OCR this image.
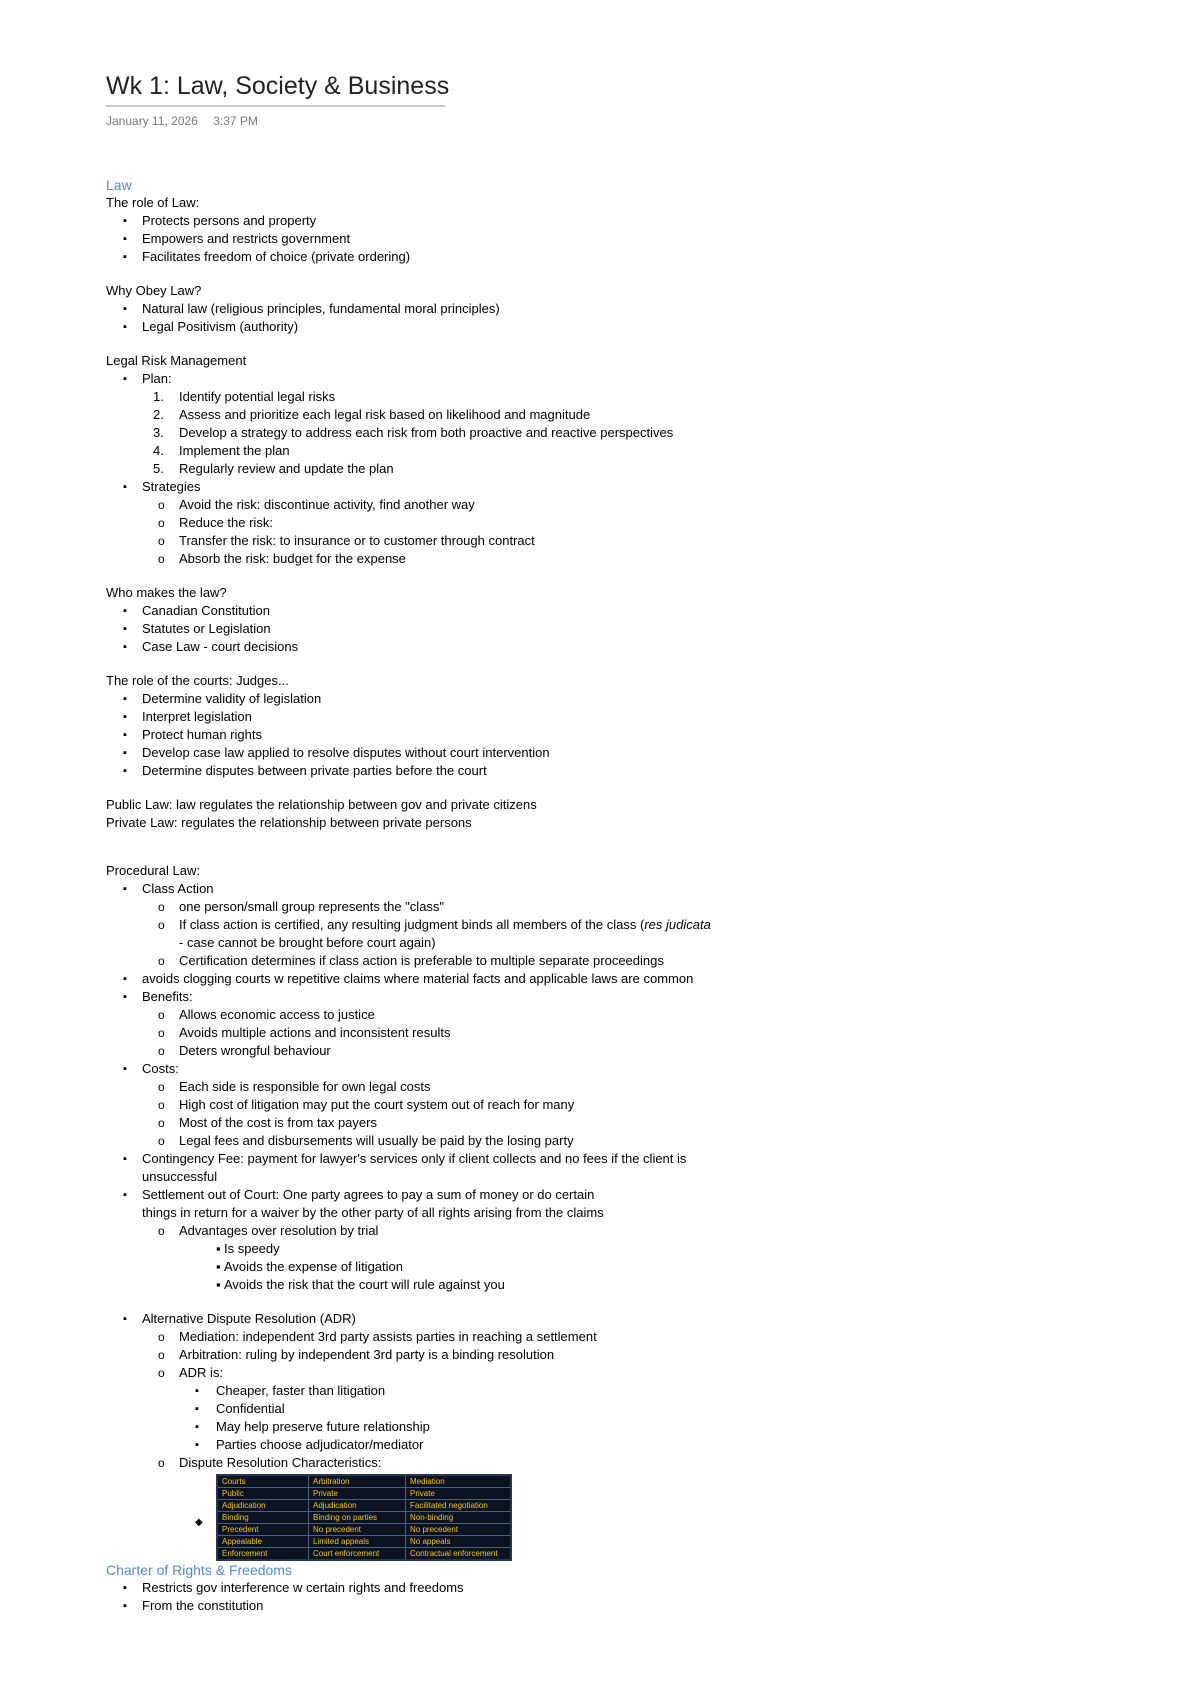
Wk 1: Law, Society & Business
January 11, 2026 3:37 PM
Law
The role of Law:
▪ Protects persons and property
▪ Empowers and restricts government
▪ Facilitates freedom of choice (private ordering)
Why Obey Law?
▪ Natural law (religious principles, fundamental moral principles)
▪ Legal Positivism (authority)
Legal Risk Management
▪ Plan:
1. Identify potential legal risks
2. Assess and prioritize each legal risk based on likelihood and magnitude
3. Develop a strategy to address each risk from both proactive and reactive perspectives
4. Implement the plan
5. Regularly review and update the plan
▪ Strategies
o Avoid the risk: discontinue activity, find another way
o Reduce the risk:
o Transfer the risk: to insurance or to customer through contract
o Absorb the risk: budget for the expense
Who makes the law?
▪ Canadian Constitution
▪ Statutes or Legislation
▪ Case Law - court decisions
The role of the courts: Judges...
▪ Determine validity of legislation
▪ Interpret legislation
▪ Protect human rights
▪ Develop case law applied to resolve disputes without court intervention
▪ Determine disputes between private parties before the court
Public Law: law regulates the relationship between gov and private citizens
Private Law: regulates the relationship between private persons
Procedural Law:
▪ Class Action
o one person/small group represents the "class"
o If class action is certified, any resulting judgment binds all members of the class (res judicata
- case cannot be brought before court again)
o Certification determines if class action is preferable to multiple separate proceedings
▪ avoids clogging courts w repetitive claims where material facts and applicable laws are common
▪ Benefits:
o Allows economic access to justice
o Avoids multiple actions and inconsistent results
o Deters wrongful behaviour
▪ Costs:
o Each side is responsible for own legal costs
o High cost of litigation may put the court system out of reach for many
o Most of the cost is from tax payers
o Legal fees and disbursements will usually be paid by the losing party
▪ Contingency Fee: payment for lawyer's services only if client collects and no fees if the client is
unsuccessful
▪ Settlement out of Court: One party agrees to pay a sum of money or do certain
things in return for a waiver by the other party of all rights arising from the claims
o Advantages over resolution by trial
▪ Is speedy
▪ Avoids the expense of litigation
▪ Avoids the risk that the court will rule against you
▪ Alternative Dispute Resolution (ADR)
o Mediation: independent 3rd party assists parties in reaching a settlement
o Arbitration: ruling by independent 3rd party is a binding resolution
o ADR is:
▪ Cheaper, faster than litigation
▪ Confidential
▪ May help preserve future relationship
▪ Parties choose adjudicator/mediator
o Dispute Resolution Characteristics:
◆
Courts	Arbitration	Mediation
Public	Private	Private
Adjudication	Adjudication	Facilitated negotiation
Binding	Binding on parties	Non-binding
Precedent	No precedent	No precedent
Appealable	Limited appeals	No appeals
Enforcement	Court enforcement	Contractual enforcement
Charter of Rights & Freedoms
▪ Restricts gov interference w certain rights and freedoms
▪ From the constitution
